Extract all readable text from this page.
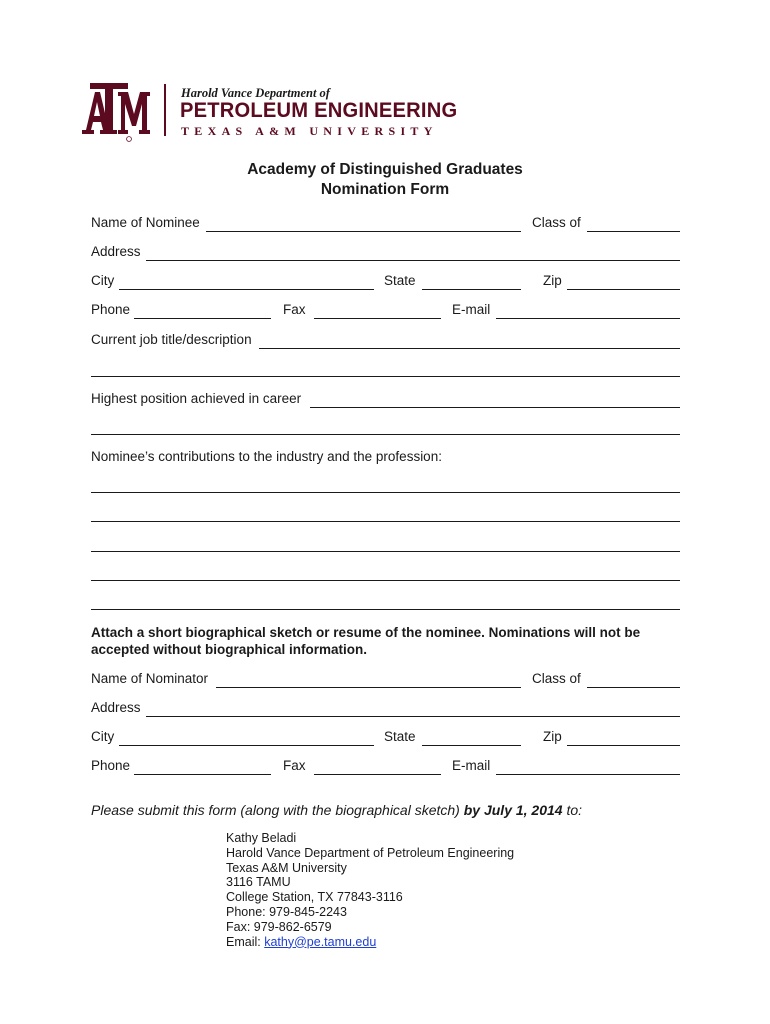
Harold Vance Department of
PETROLEUM ENGINEERING
TEXAS A&M UNIVERSITY
Academy of Distinguished Graduates
Nomination Form
Name of Nominee	Class of
Address
City	State	Zip
Phone	Fax	E-mail
Current job title/description
Highest position achieved in career
Nominee’s contributions to the industry and the profession:
Attach a short biographical sketch or resume of the nominee. Nominations will not be accepted without biographical information.
Name of Nominator	Class of
Address
City	State	Zip
Phone	Fax	E-mail
Please submit this form (along with the biographical sketch) by July 1, 2014 to:
Kathy Beladi
Harold Vance Department of Petroleum Engineering
Texas A&M University
3116 TAMU
College Station, TX 77843-3116
Phone: 979-845-2243
Fax: 979-862-6579
Email: kathy@pe.tamu.edu
